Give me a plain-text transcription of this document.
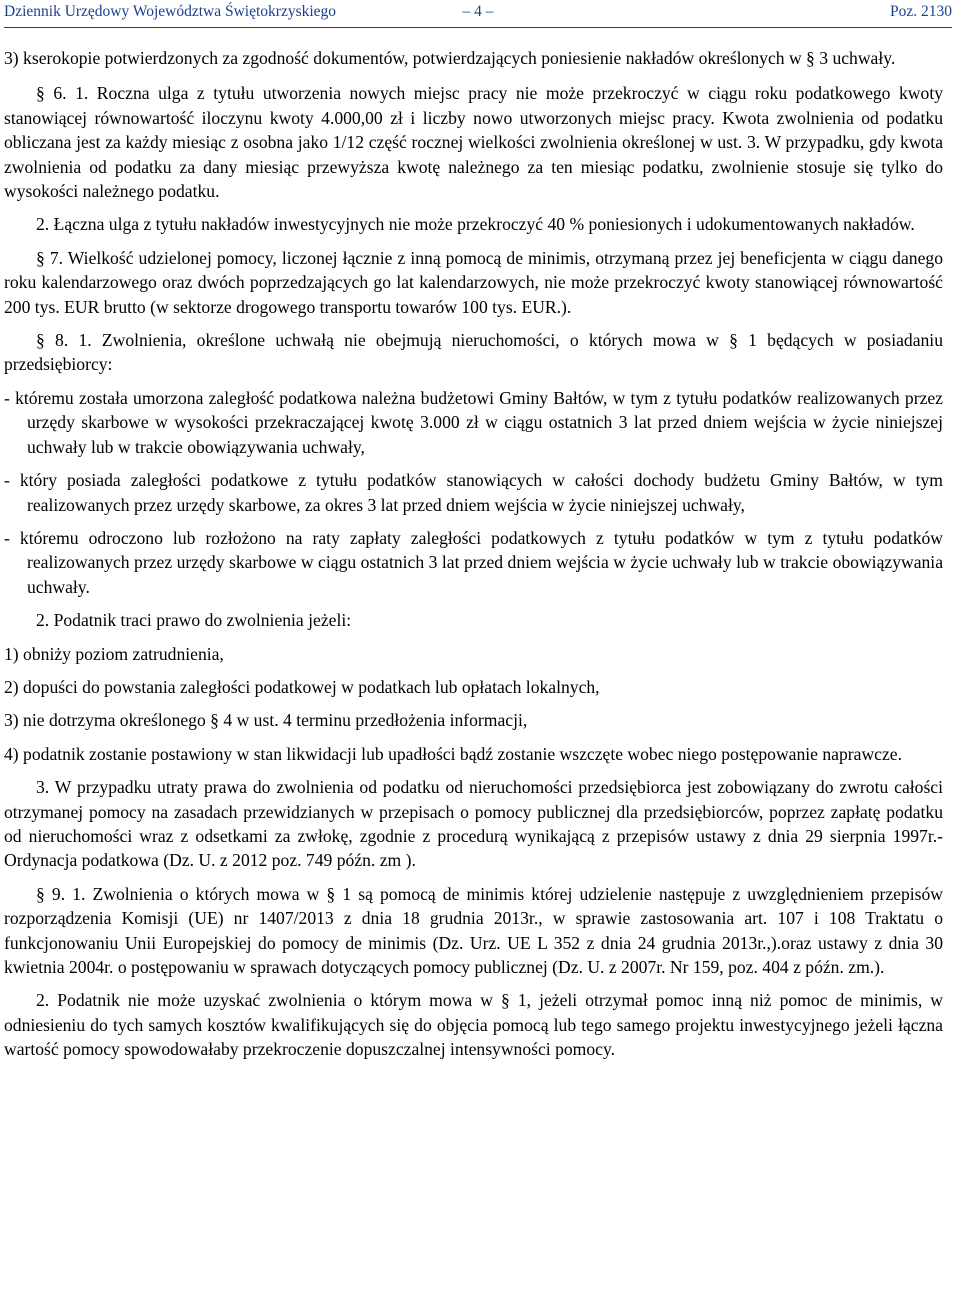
Dziennik Urzędowy Województwa Świętokrzyskiego	– 4 –	Poz. 2130

3) kserokopie potwierdzonych za zgodność dokumentów, potwierdzających poniesienie nakładów określonych w § 3 uchwały.

§ 6. 1. Roczna ulga z tytułu utworzenia nowych miejsc pracy nie może przekroczyć w ciągu roku podatkowego kwoty stanowiącej równowartość iloczynu kwoty 4.000,00 zł i liczby nowo utworzonych miejsc pracy. Kwota zwolnienia od podatku obliczana jest za każdy miesiąc z osobna jako 1/12 część rocznej wielkości zwolnienia określonej w ust. 3. W przypadku, gdy kwota zwolnienia od podatku za dany miesiąc przewyższa kwotę należnego za ten miesiąc podatku, zwolnienie stosuje się tylko do wysokości należnego podatku.

2. Łączna ulga z tytułu nakładów inwestycyjnych nie może przekroczyć 40 % poniesionych i udokumentowanych nakładów.

§ 7. Wielkość udzielonej pomocy, liczonej łącznie z inną pomocą de minimis, otrzymaną przez jej beneficjenta w ciągu danego roku kalendarzowego oraz dwóch poprzedzających go lat kalendarzowych, nie może przekroczyć kwoty stanowiącej równowartość 200 tys. EUR brutto (w sektorze drogowego transportu towarów 100 tys. EUR.).

§ 8. 1. Zwolnienia, określone uchwałą nie obejmują nieruchomości, o których mowa w § 1 będących w posiadaniu przedsiębiorcy:

- któremu została umorzona zaległość podatkowa należna budżetowi Gminy Bałtów, w tym z tytułu podatków realizowanych przez urzędy skarbowe w wysokości przekraczającej kwotę 3.000 zł w ciągu ostatnich 3 lat przed dniem wejścia w życie niniejszej uchwały lub w trakcie obowiązywania uchwały,

- który posiada zaległości podatkowe z tytułu podatków stanowiących w całości dochody budżetu Gminy Bałtów, w tym realizowanych przez urzędy skarbowe, za okres 3 lat przed dniem wejścia w życie niniejszej uchwały,

- któremu odroczono lub rozłożono na raty zapłaty zaległości podatkowych z tytułu podatków w tym z tytułu podatków realizowanych przez urzędy skarbowe w ciągu ostatnich 3 lat przed dniem wejścia w życie uchwały lub w trakcie obowiązywania uchwały.

2. Podatnik traci prawo do zwolnienia jeżeli:

1) obniży poziom zatrudnienia,

2) dopuści do powstania zaległości podatkowej w podatkach lub opłatach lokalnych,

3) nie dotrzyma określonego § 4 w ust. 4 terminu przedłożenia informacji,

4) podatnik zostanie postawiony w stan likwidacji lub upadłości bądź zostanie wszczęte wobec niego postępowanie naprawcze.

3. W przypadku utraty prawa do zwolnienia od podatku od nieruchomości przedsiębiorca jest zobowiązany do zwrotu całości otrzymanej pomocy na zasadach przewidzianych w przepisach o pomocy publicznej dla przedsiębiorców, poprzez zapłatę podatku od nieruchomości wraz z odsetkami za zwłokę, zgodnie z procedurą wynikającą z przepisów ustawy z dnia 29 sierpnia 1997r.- Ordynacja podatkowa (Dz. U. z 2012 poz. 749 późn. zm ).

§ 9. 1. Zwolnienia o których mowa w § 1 są pomocą de minimis której udzielenie następuje z uwzględnieniem przepisów rozporządzenia Komisji (UE) nr 1407/2013 z dnia 18 grudnia 2013r., w sprawie zastosowania art. 107 i 108 Traktatu o funkcjonowaniu Unii Europejskiej do pomocy de minimis (Dz. Urz. UE L 352 z dnia 24 grudnia 2013r.,).oraz ustawy z dnia 30 kwietnia 2004r. o postępowaniu w sprawach dotyczących pomocy publicznej (Dz. U. z 2007r. Nr 159, poz. 404 z późn. zm.).

2. Podatnik nie może uzyskać zwolnienia o którym mowa w § 1, jeżeli otrzymał pomoc inną niż pomoc de minimis, w odniesieniu do tych samych kosztów kwalifikujących się do objęcia pomocą lub tego samego projektu inwestycyjnego jeżeli łączna wartość pomocy spowodowałaby przekroczenie dopuszczalnej intensywności pomocy.
